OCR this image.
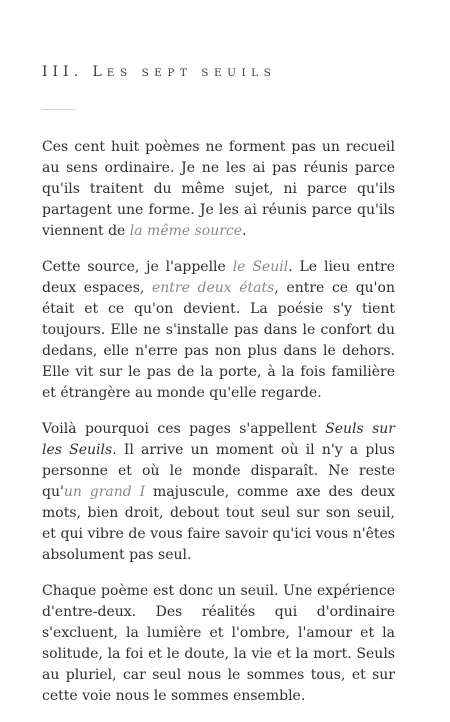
III. LES SEPT SEUILS

Ces cent huit poèmes ne forment pas un recueil au sens ordinaire. Je ne les ai pas réunis parce qu'ils traitent du même sujet, ni parce qu'ils partagent une forme. Je les ai réunis parce qu'ils viennent de la même source.

Cette source, je l'appelle le Seuil. Le lieu entre deux espaces, entre deux états, entre ce qu'on était et ce qu'on devient. La poésie s'y tient toujours. Elle ne s'installe pas dans le confort du dedans, elle n'erre pas non plus dans le dehors. Elle vit sur le pas de la porte, à la fois familière et étrangère au monde qu'elle regarde.

Voilà pourquoi ces pages s'appellent Seuls sur les Seuils. Il arrive un moment où il n'y a plus personne et où le monde disparaît. Ne reste qu'un grand I majuscule, comme axe des deux mots, bien droit, debout tout seul sur son seuil, et qui vibre de vous faire savoir qu'ici vous n'êtes absolument pas seul.

Chaque poème est donc un seuil. Une expérience d'entre-deux. Des réalités qui d'ordinaire s'excluent, la lumière et l'ombre, l'amour et la solitude, la foi et le doute, la vie et la mort. Seuls au pluriel, car seul nous le sommes tous, et sur cette voie nous le sommes ensemble.
